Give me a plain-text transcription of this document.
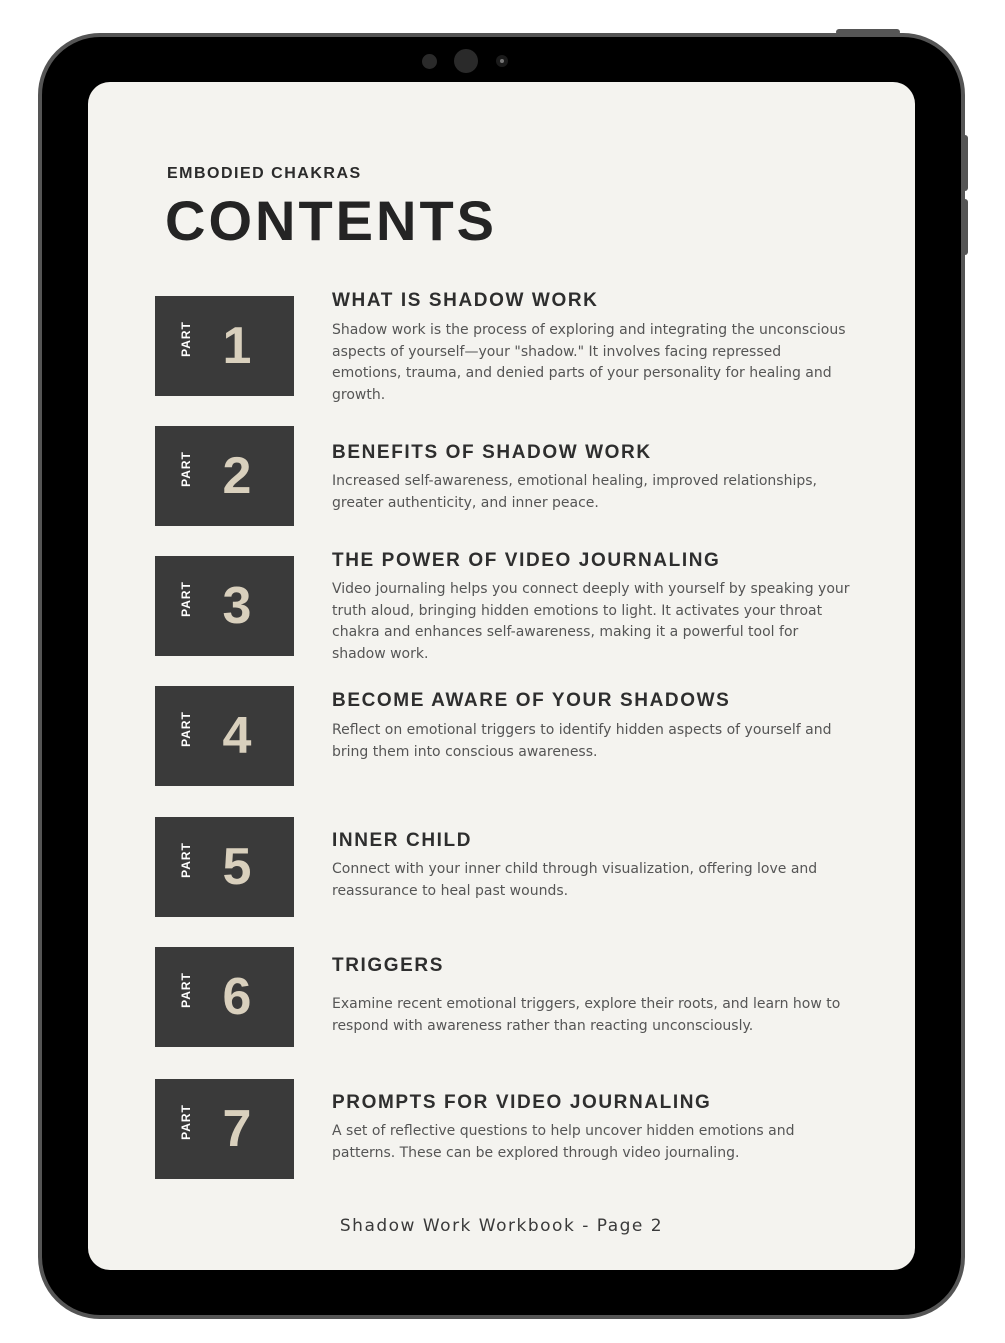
EMBODIED CHAKRAS
CONTENTS
PART 1
WHAT IS SHADOW WORK
Shadow work is the process of exploring and integrating the unconscious aspects of yourself—your "shadow." It involves facing repressed emotions, trauma, and denied parts of your personality for healing and growth.
PART 2	BENEFITS OF SHADOW WORK
Increased self-awareness, emotional healing, improved relationships, greater authenticity, and inner peace.
PART 3
THE POWER OF VIDEO JOURNALING
Video journaling helps you connect deeply with yourself by speaking your truth aloud, bringing hidden emotions to light. It activates your throat chakra and enhances self-awareness, making it a powerful tool for shadow work.
PART 4
BECOME AWARE OF YOUR SHADOWS
Reflect on emotional triggers to identify hidden aspects of yourself and bring them into conscious awareness.
PART 5	INNER CHILD
Connect with your inner child through visualization, offering love and reassurance to heal past wounds.
PART 6
TRIGGERS
Examine recent emotional triggers, explore their roots, and learn how to respond with awareness rather than reacting unconsciously.
PART 7	PROMPTS FOR VIDEO JOURNALING
A set of reflective questions to help uncover hidden emotions and patterns. These can be explored through video journaling.
Shadow Work Workbook - Page 2
